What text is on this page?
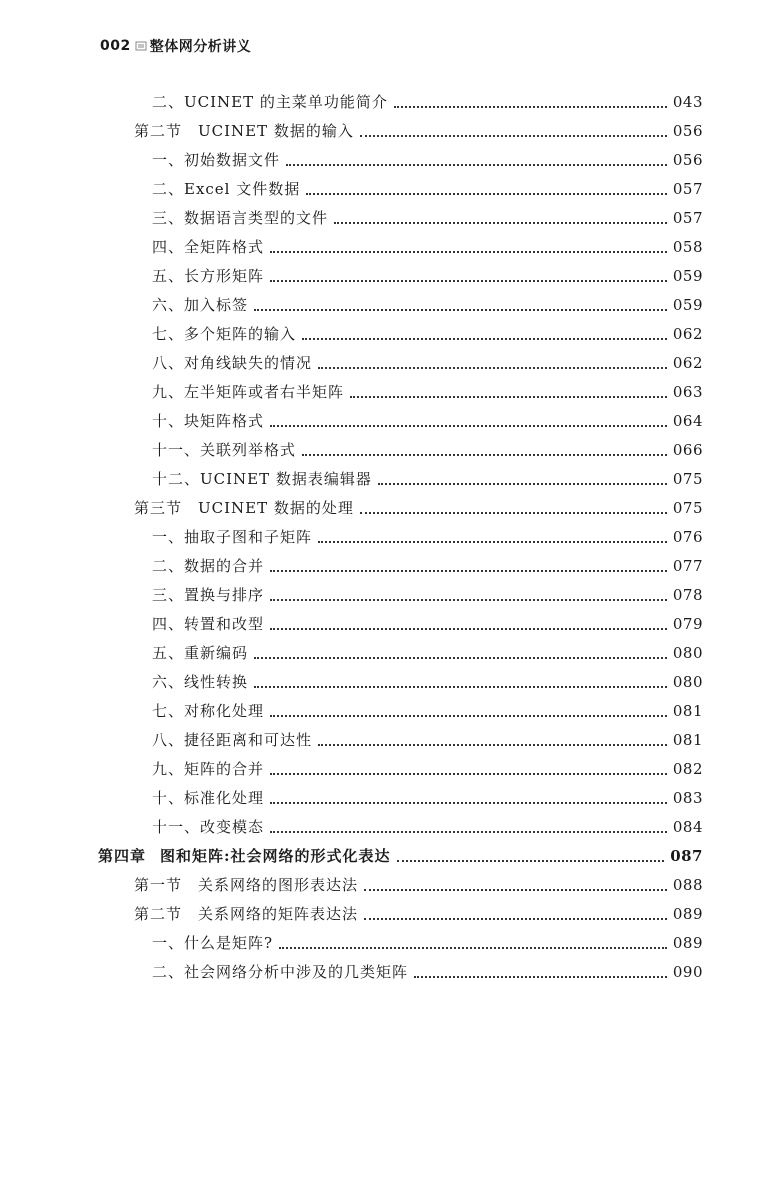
002 整体网分析讲义
二、UCINET 的主菜单功能简介	043
第二节 UCINET 数据的输入	056
一、初始数据文件	056
二、Excel 文件数据	057
三、数据语言类型的文件	057
四、全矩阵格式	058
五、长方形矩阵	059
六、加入标签	059
七、多个矩阵的输入	062
八、对角线缺失的情况	062
九、左半矩阵或者右半矩阵	063
十、块矩阵格式	064
十一、关联列举格式	066
十二、UCINET 数据表编辑器	075
第三节 UCINET 数据的处理	075
一、抽取子图和子矩阵	076
二、数据的合并	077
三、置换与排序	078
四、转置和改型	079
五、重新编码	080
六、线性转换	080
七、对称化处理	081
八、捷径距离和可达性	081
九、矩阵的合并	082
十、标准化处理	083
十一、改变模态	084
第四章 图和矩阵:社会网络的形式化表达	087
第一节 关系网络的图形表达法	088
第二节 关系网络的矩阵表达法	089
一、什么是矩阵?	089
二、社会网络分析中涉及的几类矩阵	090
